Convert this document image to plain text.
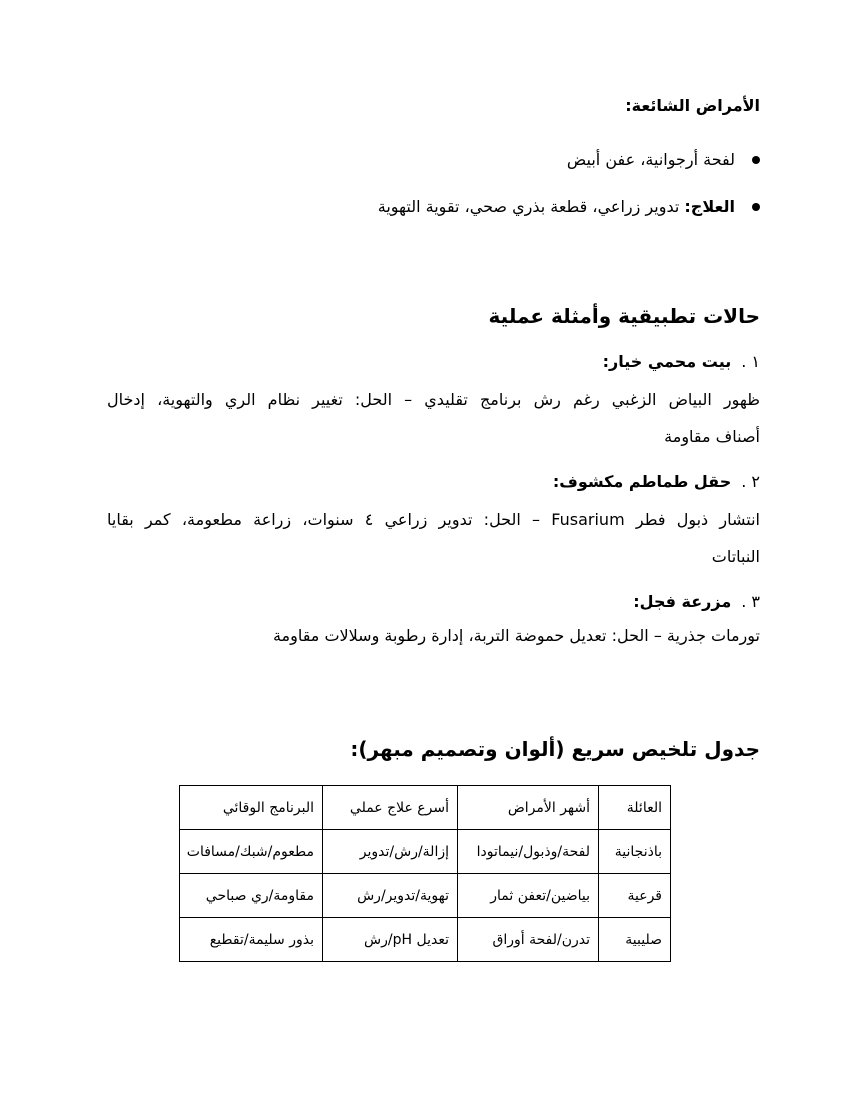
الأمراض الشائعة:
لفحة أرجوانية، عفن أبيض
العلاج: تدوير زراعي، قطعة بذري صحي، تقوية التهوية
حالات تطبيقية وأمثلة عملية
١ .بيت محمي خيار:
ظهور البياض الزغبي رغم رش برنامج تقليدي – الحل: تغيير نظام الري والتهوية، إدخال
أصناف مقاومة
٢ .حقل طماطم مكشوف:
انتشار ذبول فطر Fusarium – الحل: تدوير زراعي ٤ سنوات، زراعة مطعومة، كمر بقايا
النباتات
٣ .مزرعة فجل:
تورمات جذرية – الحل: تعديل حموضة التربة، إدارة رطوبة وسلالات مقاومة
جدول تلخيص سريع (ألوان وتصميم مبهر):
العائلة	أشهر الأمراض	أسرع علاج عملي	البرنامج الوقائي
باذنجانية	لفحة/وذبول/نيماتودا	إزالة/رش/تدوير	مطعوم/شبك/مسافات
قرعية	بياضين/تعفن ثمار	تهوية/تدوير/رش	مقاومة/ري صباحي
صليبية	تدرن/لفحة أوراق	تعديل pH/رش	بذور سليمة/تقطيع
